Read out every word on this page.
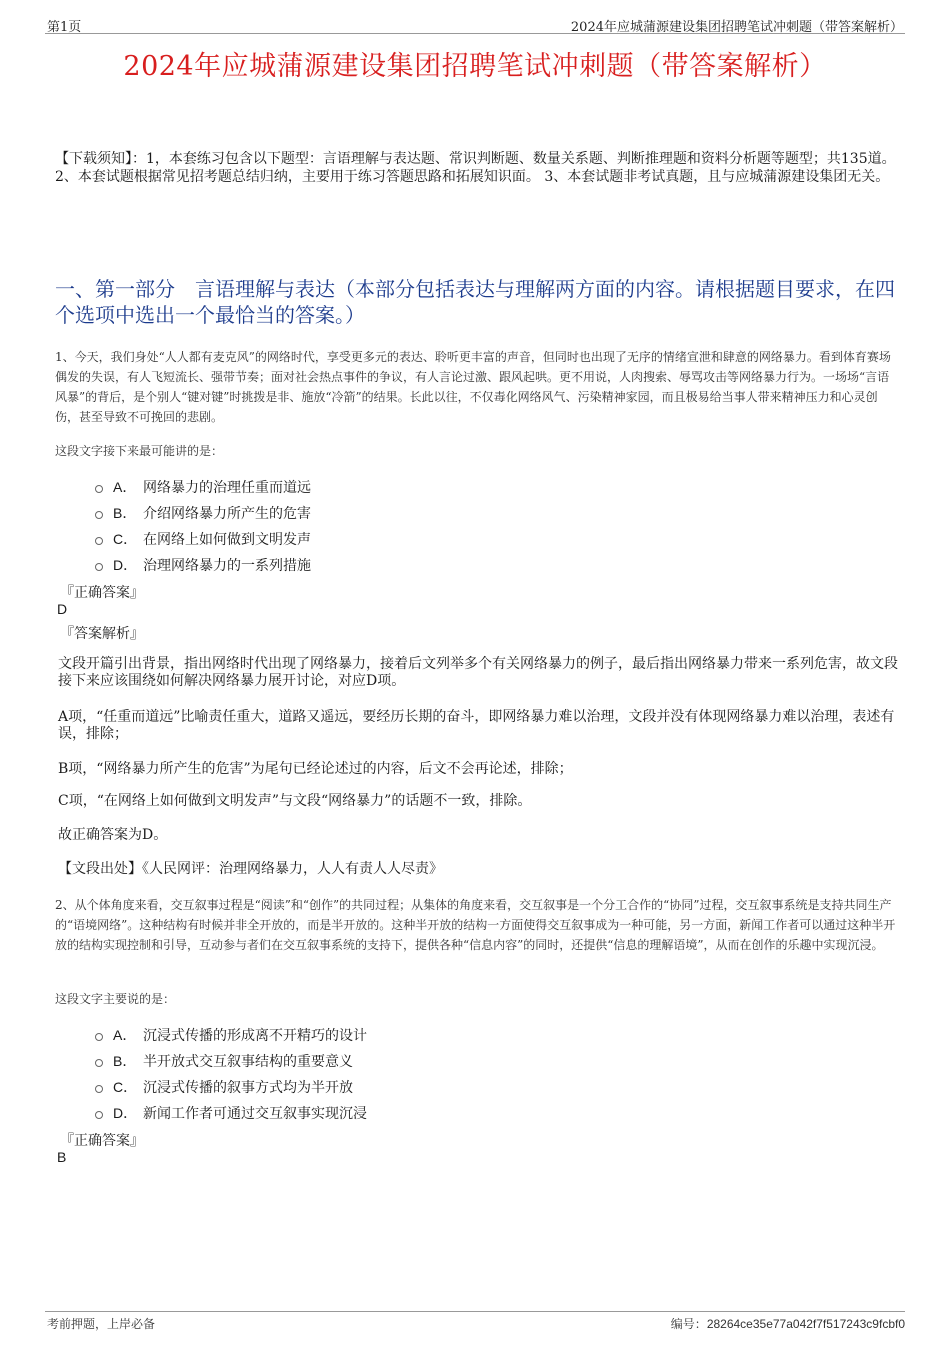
第1页	2024年应城蒲源建设集团招聘笔试冲刺题（带答案解析）
2024年应城蒲源建设集团招聘笔试冲刺题（带答案解析）
【下载须知】：1，本套练习包含以下题型：言语理解与表达题、常识判断题、数量关系题、判断推理题和资料分析题等题型；共135道。 2、本套试题根据常见招考题总结归纳，主要用于练习答题思路和拓展知识面。 3、本套试题非考试真题，且与应城蒲源建设集团无关。
一、第一部分　言语理解与表达（本部分包括表达与理解两方面的内容。请根据题目要求，在四个选项中选出一个最恰当的答案。）
1、今天，我们身处“人人都有麦克风”的网络时代，享受更多元的表达、聆听更丰富的声音，但同时也出现了无序的情绪宣泄和肆意的网络暴力。看到体育赛场偶发的失误，有人飞短流长、强带节奏；面对社会热点事件的争议，有人言论过激、跟风起哄。更不用说，人肉搜索、辱骂攻击等网络暴力行为。一场场“言语风暴”的背后，是个别人“键对键”时挑拨是非、施放“冷箭”的结果。长此以往，不仅毒化网络风气、污染精神家园，而且极易给当事人带来精神压力和心灵创伤，甚至导致不可挽回的悲剧。
这段文字接下来最可能讲的是：
A． 网络暴力的治理任重而道远
B． 介绍网络暴力所产生的危害
C． 在网络上如何做到文明发声
D． 治理网络暴力的一系列措施
『正确答案』
D
『答案解析』
文段开篇引出背景，指出网络时代出现了网络暴力，接着后文列举多个有关网络暴力的例子，最后指出网络暴力带来一系列危害，故文段接下来应该围绕如何解决网络暴力展开讨论，对应D项。
A项，“任重而道远”比喻责任重大，道路又遥远，要经历长期的奋斗，即网络暴力难以治理，文段并没有体现网络暴力难以治理，表述有误，排除；
B项，“网络暴力所产生的危害”为尾句已经论述过的内容，后文不会再论述，排除；
C项，“在网络上如何做到文明发声”与文段“网络暴力”的话题不一致，排除。
故正确答案为D。
【文段出处】《人民网评：治理网络暴力，人人有责人人尽责》
2、从个体角度来看，交互叙事过程是“阅读”和“创作”的共同过程；从集体的角度来看，交互叙事是一个分工合作的“协同”过程，交互叙事系统是支持共同生产的“语境网络”。这种结构有时候并非全开放的，而是半开放的。这种半开放的结构一方面使得交互叙事成为一种可能，另一方面，新闻工作者可以通过这种半开放的结构实现控制和引导，互动参与者们在交互叙事系统的支持下，提供各种“信息内容”的同时，还提供“信息的理解语境”，从而在创作的乐趣中实现沉浸。
这段文字主要说的是：
A． 沉浸式传播的形成离不开精巧的设计
B． 半开放式交互叙事结构的重要意义
C． 沉浸式传播的叙事方式均为半开放
D． 新闻工作者可通过交互叙事实现沉浸
『正确答案』
B
考前押题，上岸必备	编号：28264ce35e77a042f7f517243c9fcbf0
